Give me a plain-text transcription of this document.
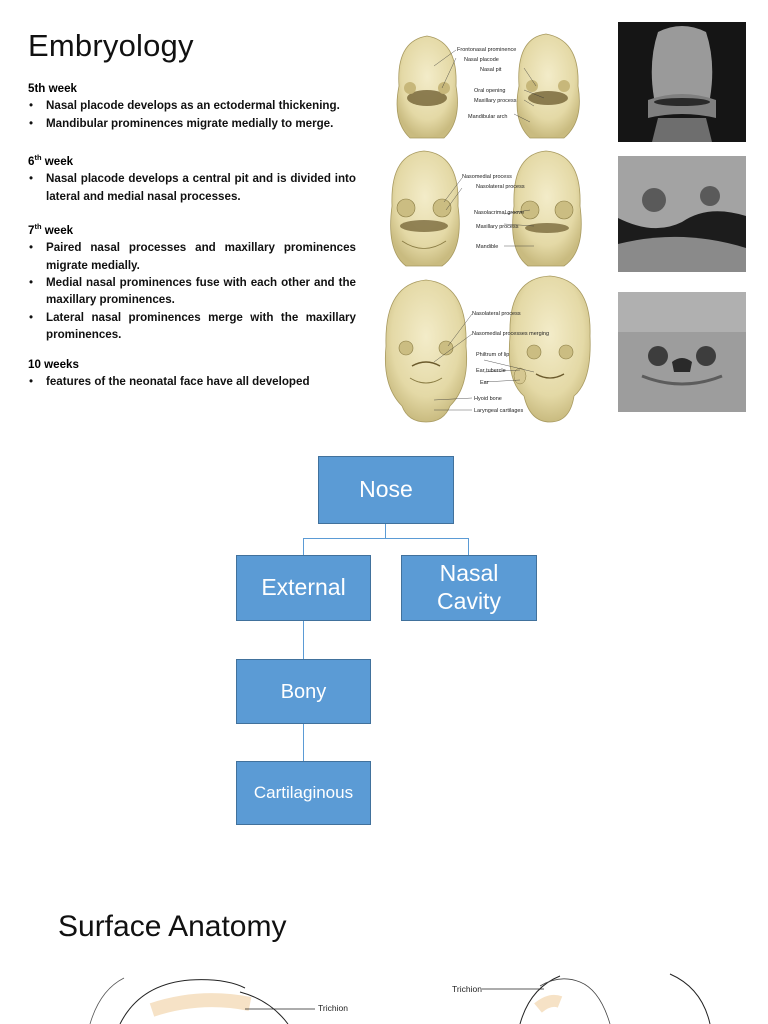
Embryology
5th week
• Nasal placode develops as an ectodermal thickening.
• Mandibular prominences migrate medially to merge.
6th week
• Nasal placode develops a central pit and is divided into lateral and medial nasal processes.
7th week
• Paired nasal processes and maxillary prominences migrate medially.
• Medial nasal prominences fuse with each other and the maxillary prominences.
• Lateral nasal prominences merge with the maxillary prominences.
10 weeks
• features of the neonatal face have all developed
Frontonasal prominence
Nasal placode
Nasal pit
Oral opening
Maxillary process
Mandibular arch
Nasomedial process
Nasolateral process
Nasolacrimal groove
Maxillary process
Mandible
Nasolateral process
Nasomedial processes merging
Philtrum of lip
Ear tubercle
Ear
Hyoid bone
Laryngeal cartilages
Nose
External
Nasal Cavity
Bony
Cartilaginous
Surface Anatomy
Trichion
Trichion
